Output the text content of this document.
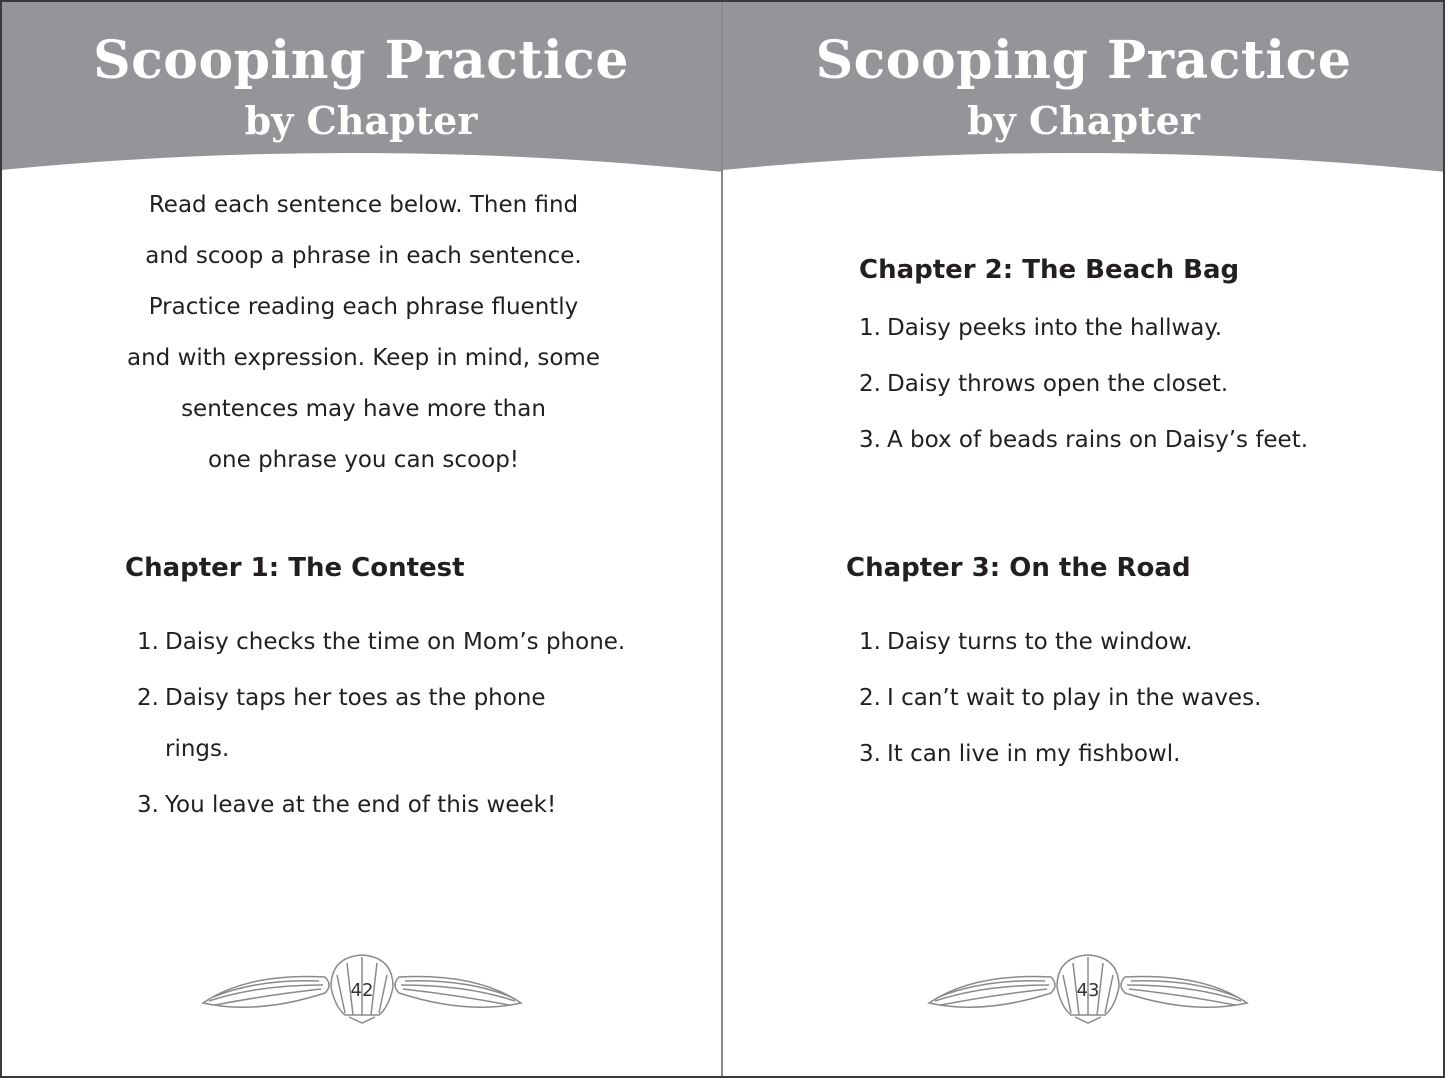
Scooping Practice
by Chapter

Read each sentence below. Then find
and scoop a phrase in each sentence.
Practice reading each phrase fluently
and with expression. Keep in mind, some
sentences may have more than
one phrase you can scoop!

Chapter 1: The Contest
1. Daisy checks the time on Mom’s phone.
2. Daisy taps her toes as the phone rings.
3. You leave at the end of this week!
42
Scooping Practice
by Chapter
Chapter 2: The Beach Bag
1. Daisy peeks into the hallway.
2. Daisy throws open the closet.
3. A box of beads rains on Daisy’s feet.
Chapter 3: On the Road
1. Daisy turns to the window.
2. I can’t wait to play in the waves.
3. It can live in my fishbowl.
43
